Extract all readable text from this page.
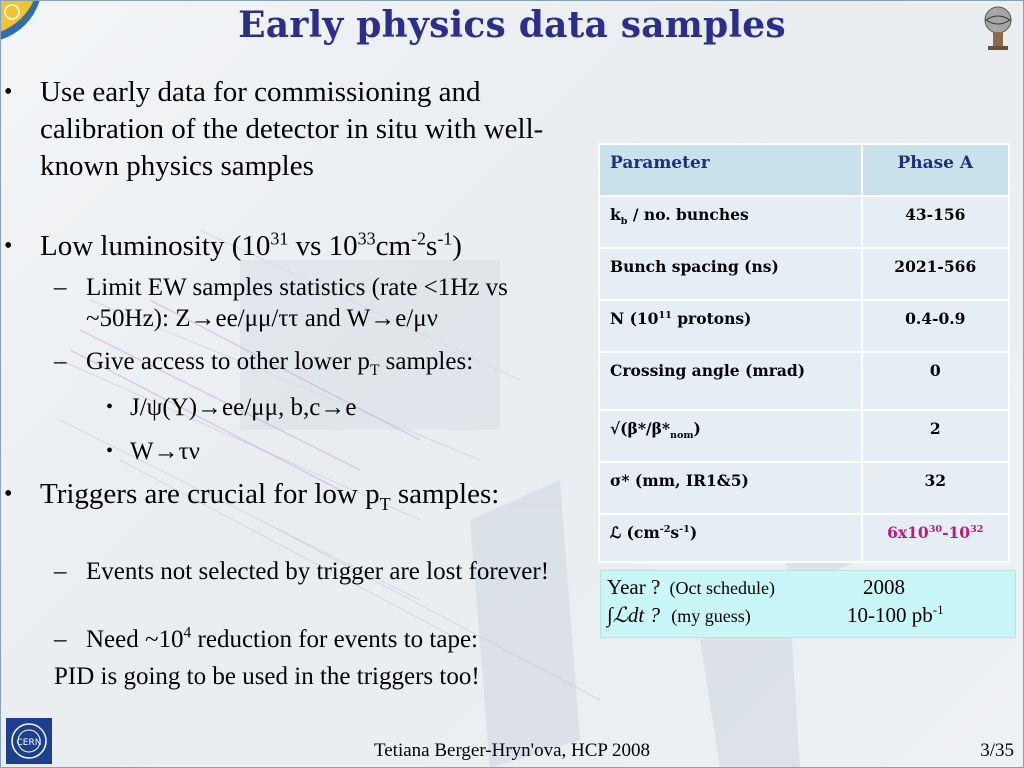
Early physics data samples
• Use early data for commissioning and calibration of the detector in situ with well-known physics samples
• Low luminosity ($10^{31}$ vs $10^{33}cm^{-2}s^{-1}$)
– Limit EW samples statistics (rate <1Hz vs ~50Hz): Z→ee/μμ/ττ and W→e/μν
– Give access to other lower $p_T$ samples:
• J/ψ(Υ)→ee/μμ, b,c→e
• W→τν
• Triggers are crucial for low $p_T$ samples:
– Events not selected by trigger are lost forever!
– Need $\sim 10^4$ reduction for events to tape:
PID is going to be used in the triggers too!
Parameter	Phase A
$k_b$ / no. bunches	43-156
Bunch spacing (ns)	2021-566
N ($10^{11}$ protons)	0.4-0.9
Crossing angle (mrad)	0
$√(\beta*/\beta*_{nom})$	2
σ* (mm, IR1&5)	32
ℒ $(cm^{-2}s^{-1})$	$6x10^{30}-10^{32}$
Year ? (Oct schedule)	2008
∫ℒdt ? (my guess)	10-100 $pb^{-1}$
CERN	Tetiana Berger-Hryn'ova, HCP 2008	3/35
